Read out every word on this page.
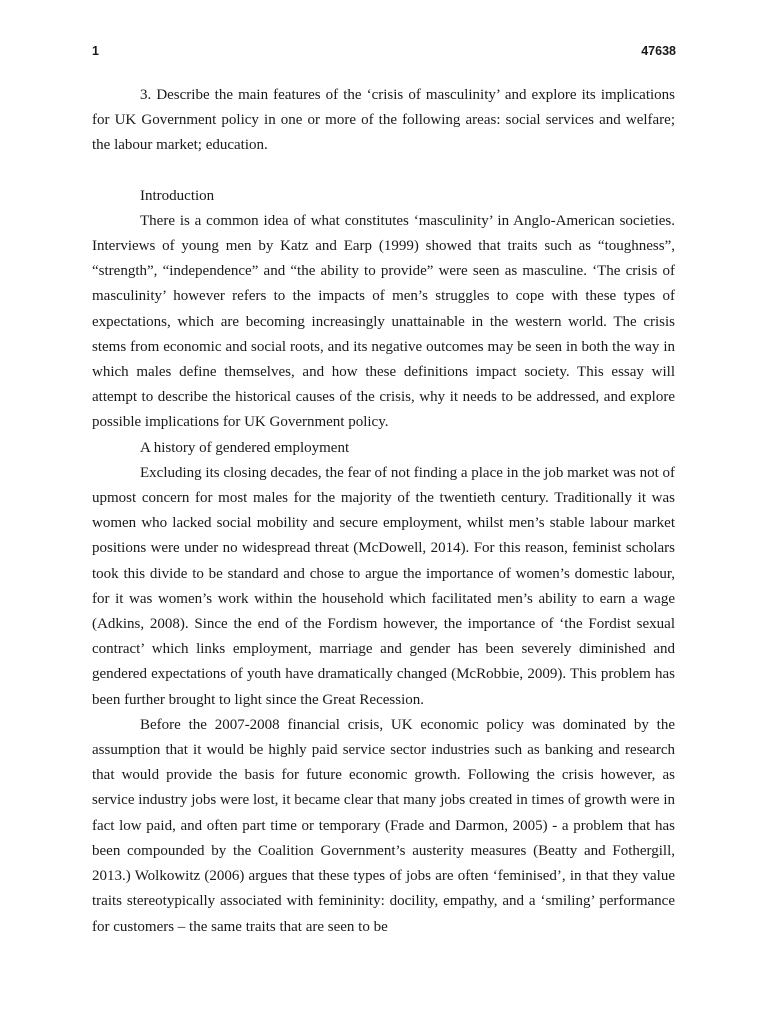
1	47638

3. Describe the main features of the ‘crisis of masculinity’ and explore its implications for UK Government policy in one or more of the following areas: social services and welfare; the labour market; education.

Introduction

There is a common idea of what constitutes ‘masculinity’ in Anglo-American societies. Interviews of young men by Katz and Earp (1999) showed that traits such as “toughness”, “strength”, “independence” and “the ability to provide” were seen as masculine. ‘The crisis of masculinity’ however refers to the impacts of men’s struggles to cope with these types of expectations, which are becoming increasingly unattainable in the western world. The crisis stems from economic and social roots, and its negative outcomes may be seen in both the way in which males define themselves, and how these definitions impact society. This essay will attempt to describe the historical causes of the crisis, why it needs to be addressed, and explore possible implications for UK Government policy.

A history of gendered employment

Excluding its closing decades, the fear of not finding a place in the job market was not of upmost concern for most males for the majority of the twentieth century. Traditionally it was women who lacked social mobility and secure employment, whilst men’s stable labour market positions were under no widespread threat (McDowell, 2014). For this reason, feminist scholars took this divide to be standard and chose to argue the importance of women’s domestic labour, for it was women’s work within the household which facilitated men’s ability to earn a wage (Adkins, 2008). Since the end of the Fordism however, the importance of ‘the Fordist sexual contract’ which links employment, marriage and gender has been severely diminished and gendered expectations of youth have dramatically changed (McRobbie, 2009). This problem has been further brought to light since the Great Recession.

Before the 2007-2008 financial crisis, UK economic policy was dominated by the assumption that it would be highly paid service sector industries such as banking and research that would provide the basis for future economic growth. Following the crisis however, as service industry jobs were lost, it became clear that many jobs created in times of growth were in fact low paid, and often part time or temporary (Frade and Darmon, 2005) - a problem that has been compounded by the Coalition Government’s austerity measures (Beatty and Fothergill, 2013.) Wolkowitz (2006) argues that these types of jobs are often ‘feminised’, in that they value traits stereotypically associated with femininity: docility, empathy, and a ‘smiling’ performance for customers – the same traits that are seen to be
